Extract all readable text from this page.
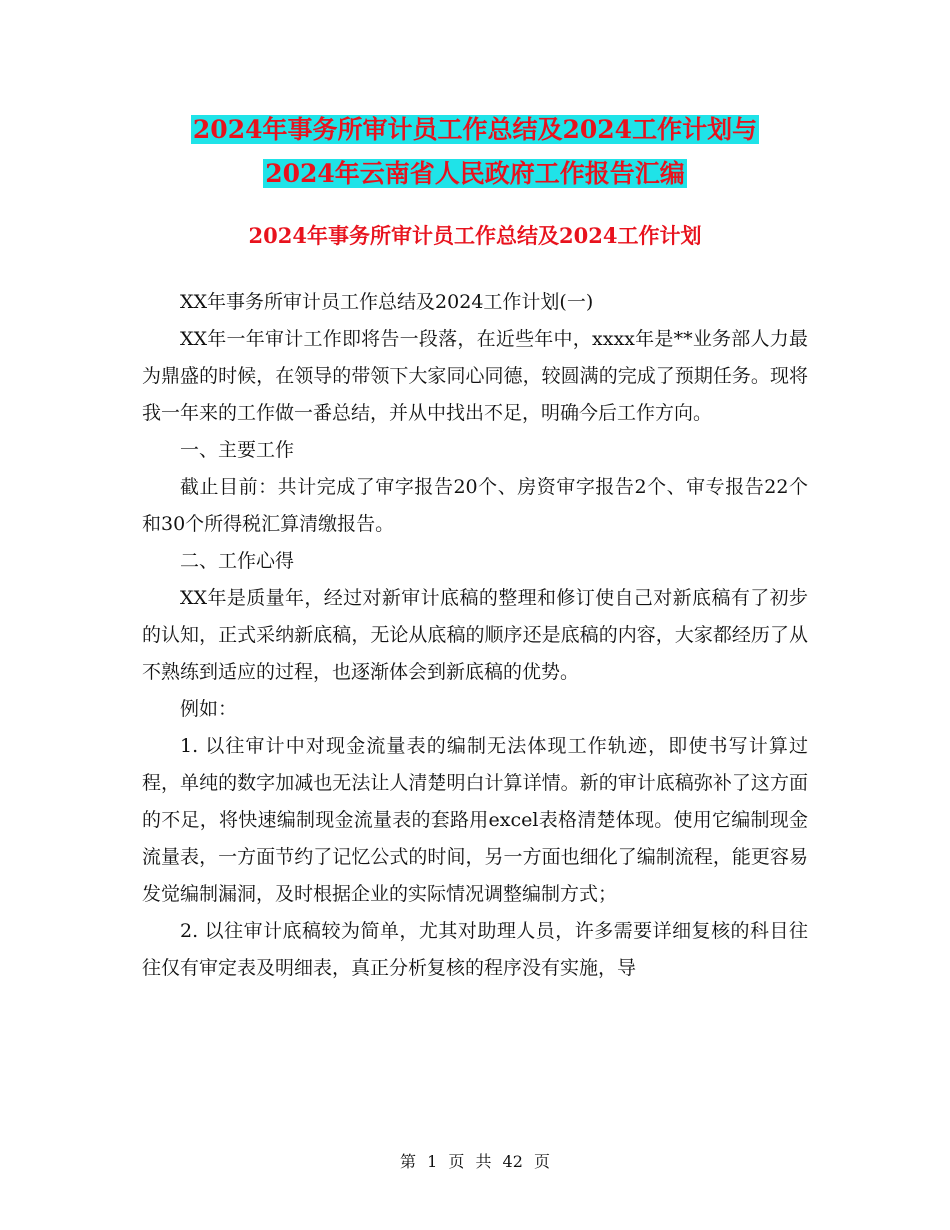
2024年事务所审计员工作总结及2024工作计划与
2024年云南省人民政府工作报告汇编
2024年事务所审计员工作总结及2024工作计划

XX年事务所审计员工作总结及2024工作计划(一)

XX年一年审计工作即将告一段落，在近些年中，xxxx年是**业务部人力最为鼎盛的时候，在领导的带领下大家同心同德，较圆满的完成了预期任务。现将我一年来的工作做一番总结，并从中找出不足，明确今后工作方向。

一、主要工作

截止目前：共计完成了审字报告20个、房资审字报告2个、审专报告22个和30个所得税汇算清缴报告。

二、工作心得

XX年是质量年，经过对新审计底稿的整理和修订使自己对新底稿有了初步的认知，正式采纳新底稿，无论从底稿的顺序还是底稿的内容，大家都经历了从不熟练到适应的过程，也逐渐体会到新底稿的优势。

例如：

1. 以往审计中对现金流量表的编制无法体现工作轨迹，即使书写计算过程，单纯的数字加减也无法让人清楚明白计算详情。新的审计底稿弥补了这方面的不足，将快速编制现金流量表的套路用excel表格清楚体现。使用它编制现金流量表，一方面节约了记忆公式的时间，另一方面也细化了编制流程，能更容易发觉编制漏洞，及时根据企业的实际情况调整编制方式；

2. 以往审计底稿较为简单，尤其对助理人员，许多需要详细复核的科目往往仅有审定表及明细表，真正分析复核的程序没有实施，导

第 1 页 共 42 页
